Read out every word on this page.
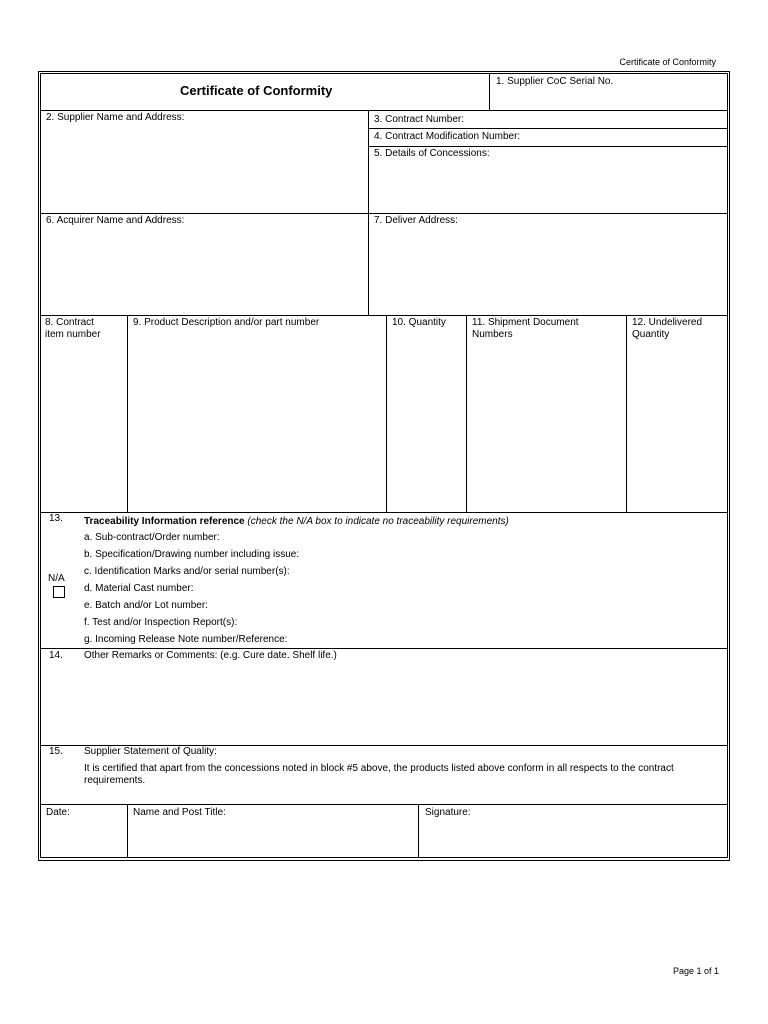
Certificate of Conformity
Certificate of Conformity
1. Supplier CoC Serial No.
2. Supplier Name and Address:	3. Contract Number:
4. Contract Modification Number:
5. Details of Concessions:
6. Acquirer Name and Address:	7. Deliver Address:
8. Contract
item number
9. Product Description and/or part number	10. Quantity	11. Shipment Document
Numbers
12. Undelivered
Quantity
13. Traceability Information reference (check the N/A box to indicate no traceability requirements)
N/A
a. Sub-contract/Order number:
b. Specification/Drawing number including issue:
c. Identification Marks and/or serial number(s):
d. Material Cast number:
e. Batch and/or Lot number:
f. Test and/or Inspection Report(s):
g. Incoming Release Note number/Reference:
14. Other Remarks or Comments: (e.g. Cure date. Shelf life.)
15. Supplier Statement of Quality:
It is certified that apart from the concessions noted in block #5 above, the products listed above conform in all respects to the contract requirements.
Date:	Name and Post Title:	Signature:
Page 1 of 1
